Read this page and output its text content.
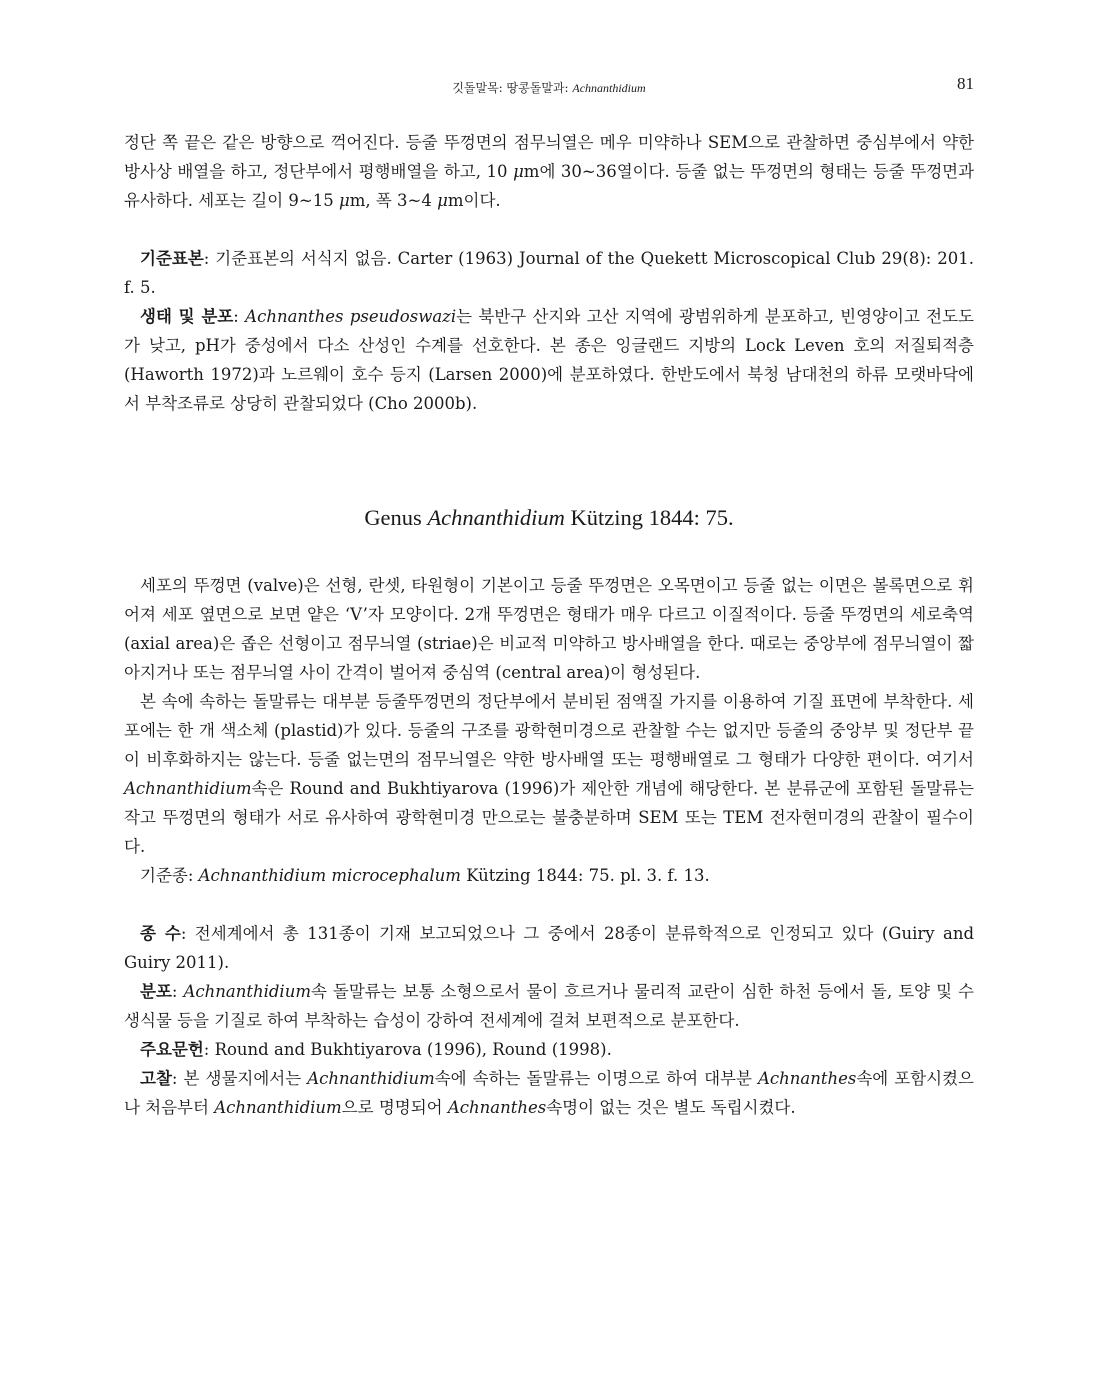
깃돌말목: 땅콩돌말과: Achnanthidium	81

정단 쪽 끝은 같은 방향으로 꺽어진다. 등줄 뚜껑면의 점무늬열은 메우 미약하나 SEM으로 관찰하면 중심부에서 약한 방사상 배열을 하고, 정단부에서 평행배열을 하고, 10 μm에 30~36열이다. 등줄 없는 뚜껑면의 형태는 등줄 뚜껑면과 유사하다. 세포는 길이 9~15 μm, 폭 3~4 μm이다.

기준표본: 기준표본의 서식지 없음. Carter (1963) Journal of the Quekett Microscopical Club 29(8): 201. f. 5.

생태 및 분포: Achnanthes pseudoswazi는 북반구 산지와 고산 지역에 광범위하게 분포하고, 빈영양이고 전도도가 낮고, pH가 중성에서 다소 산성인 수계를 선호한다. 본 종은 잉글랜드 지방의 Lock Leven 호의 저질퇴적층 (Haworth 1972)과 노르웨이 호수 등지 (Larsen 2000)에 분포하였다. 한반도에서 북청 남대천의 하류 모랫바닥에서 부착조류로 상당히 관찰되었다 (Cho 2000b).

Genus Achnanthidium Kützing 1844: 75.

세포의 뚜껑면 (valve)은 선형, 란셋, 타원형이 기본이고 등줄 뚜껑면은 오목면이고 등줄 없는 이면은 볼록면으로 휘어져 세포 옆면으로 보면 얕은 ‘V’자 모양이다. 2개 뚜껑면은 형태가 매우 다르고 이질적이다. 등줄 뚜껑면의 세로축역 (axial area)은 좁은 선형이고 점무늬열 (striae)은 비교적 미약하고 방사배열을 한다. 때로는 중앙부에 점무늬열이 짧아지거나 또는 점무늬열 사이 간격이 벌어져 중심역 (central area)이 형성된다.

본 속에 속하는 돌말류는 대부분 등줄뚜껑면의 정단부에서 분비된 점액질 가지를 이용하여 기질 표면에 부착한다. 세포에는 한 개 색소체 (plastid)가 있다. 등줄의 구조를 광학현미경으로 관찰할 수는 없지만 등줄의 중앙부 및 정단부 끝이 비후화하지는 않는다. 등줄 없는면의 점무늬열은 약한 방사배열 또는 평행배열로 그 형태가 다양한 편이다. 여기서 Achnanthidium속은 Round and Bukhtiyarova (1996)가 제안한 개념에 해당한다. 본 분류군에 포함된 돌말류는 작고 뚜껑면의 형태가 서로 유사하여 광학현미경 만으로는 불충분하며 SEM 또는 TEM 전자현미경의 관찰이 필수이다.

기준종: Achnanthidium microcephalum Kützing 1844: 75. pl. 3. f. 13.

종 수: 전세계에서 총 131종이 기재 보고되었으나 그 중에서 28종이 분류학적으로 인정되고 있다 (Guiry and Guiry 2011).

분포: Achnanthidium속 돌말류는 보통 소형으로서 물이 흐르거나 물리적 교란이 심한 하천 등에서 돌, 토양 및 수생식물 등을 기질로 하여 부착하는 습성이 강하여 전세계에 걸쳐 보편적으로 분포한다.

주요문헌: Round and Bukhtiyarova (1996), Round (1998).

고찰: 본 생물지에서는 Achnanthidium속에 속하는 돌말류는 이명으로 하여 대부분 Achnanthes속에 포함시켰으나 처음부터 Achnanthidium으로 명명되어 Achnanthes속명이 없는 것은 별도 독립시켰다.
